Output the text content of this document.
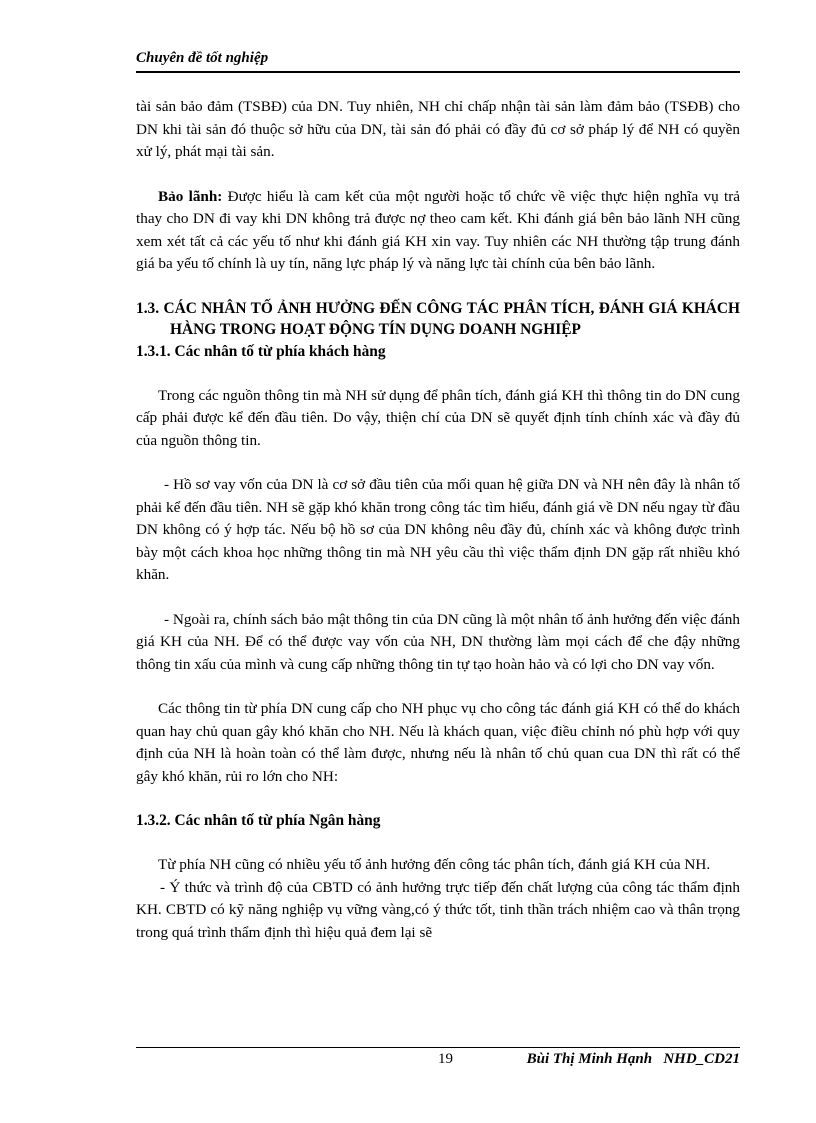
Chuyên đề tốt nghiệp

tài sản bảo đảm (TSBĐ) của DN. Tuy nhiên, NH chỉ chấp nhận tài sản làm đảm bảo (TSĐB) cho DN khi tài sản đó thuộc sở hữu của DN, tài sản đó phải có đầy đủ cơ sở pháp lý để NH có quyền xử lý, phát mại tài sản.

Bảo lãnh: Được hiểu là cam kết của một người hoặc tổ chức về việc thực hiện nghĩa vụ trả thay cho DN đi vay khi DN không trả được nợ theo cam kết. Khi đánh giá bên bảo lãnh NH cũng xem xét tất cả các yếu tố như khi đánh giá KH xin vay. Tuy nhiên các NH thường tập trung đánh giá ba yếu tố chính là uy tín, năng lực pháp lý và năng lực tài chính của bên bảo lãnh.

1.3. CÁC NHÂN TỐ ẢNH HƯỞNG ĐẾN CÔNG TÁC PHÂN TÍCH, ĐÁNH GIÁ KHÁCH HÀNG TRONG HOẠT ĐỘNG TÍN DỤNG DOANH NGHIỆP

1.3.1. Các nhân tố từ phía khách hàng

Trong các nguồn thông tin mà NH sử dụng để phân tích, đánh giá KH thì thông tin do DN cung cấp phải được kể đến đầu tiên. Do vậy, thiện chí của DN sẽ quyết định tính chính xác và đầy đủ của nguồn thông tin.

- Hồ sơ vay vốn của DN là cơ sở đầu tiên của mối quan hệ giữa DN và NH nên đây là nhân tố phải kể đến đầu tiên. NH sẽ gặp khó khăn trong công tác tìm hiểu, đánh giá về DN nếu ngay từ đầu DN không có ý hợp tác. Nếu bộ hồ sơ của DN không nêu đầy đủ, chính xác và không được trình bày một cách khoa học những thông tin mà NH yêu cầu thì việc thẩm định DN gặp rất nhiều khó khăn.

- Ngoài ra, chính sách bảo mật thông tin của DN cũng là một nhân tố ảnh hưởng đến việc đánh giá KH của NH. Để có thể được vay vốn của NH, DN thường làm mọi cách để che đậy những thông tin xấu của mình và cung cấp những thông tin tự tạo hoàn hảo và có lợi cho DN vay vốn.

Các thông tin từ phía DN cung cấp cho NH phục vụ cho công tác đánh giá KH có thể do khách quan hay chủ quan gây khó khăn cho NH. Nếu là khách quan, việc điều chỉnh nó phù hợp với quy định của NH là hoàn toàn có thể làm được, nhưng nếu là nhân tố chủ quan cua DN thì rất có thể gây khó khăn, rủi ro lớn cho NH:

1.3.2. Các nhân tố từ phía Ngân hàng

Từ phía NH cũng có nhiều yếu tố ảnh hưởng đến công tác phân tích, đánh giá KH của NH.

- Ý thức và trình độ của CBTD có ảnh hưởng trực tiếp đến chất lượng của công tác thẩm định KH. CBTD có kỹ năng nghiệp vụ vững vàng,có ý thức tốt, tinh thần trách nhiệm cao và thân trọng trong quá trình thẩm định thì hiệu quả đem lại sẽ

19	Bùi Thị Minh Hạnh   NHD_CD21
